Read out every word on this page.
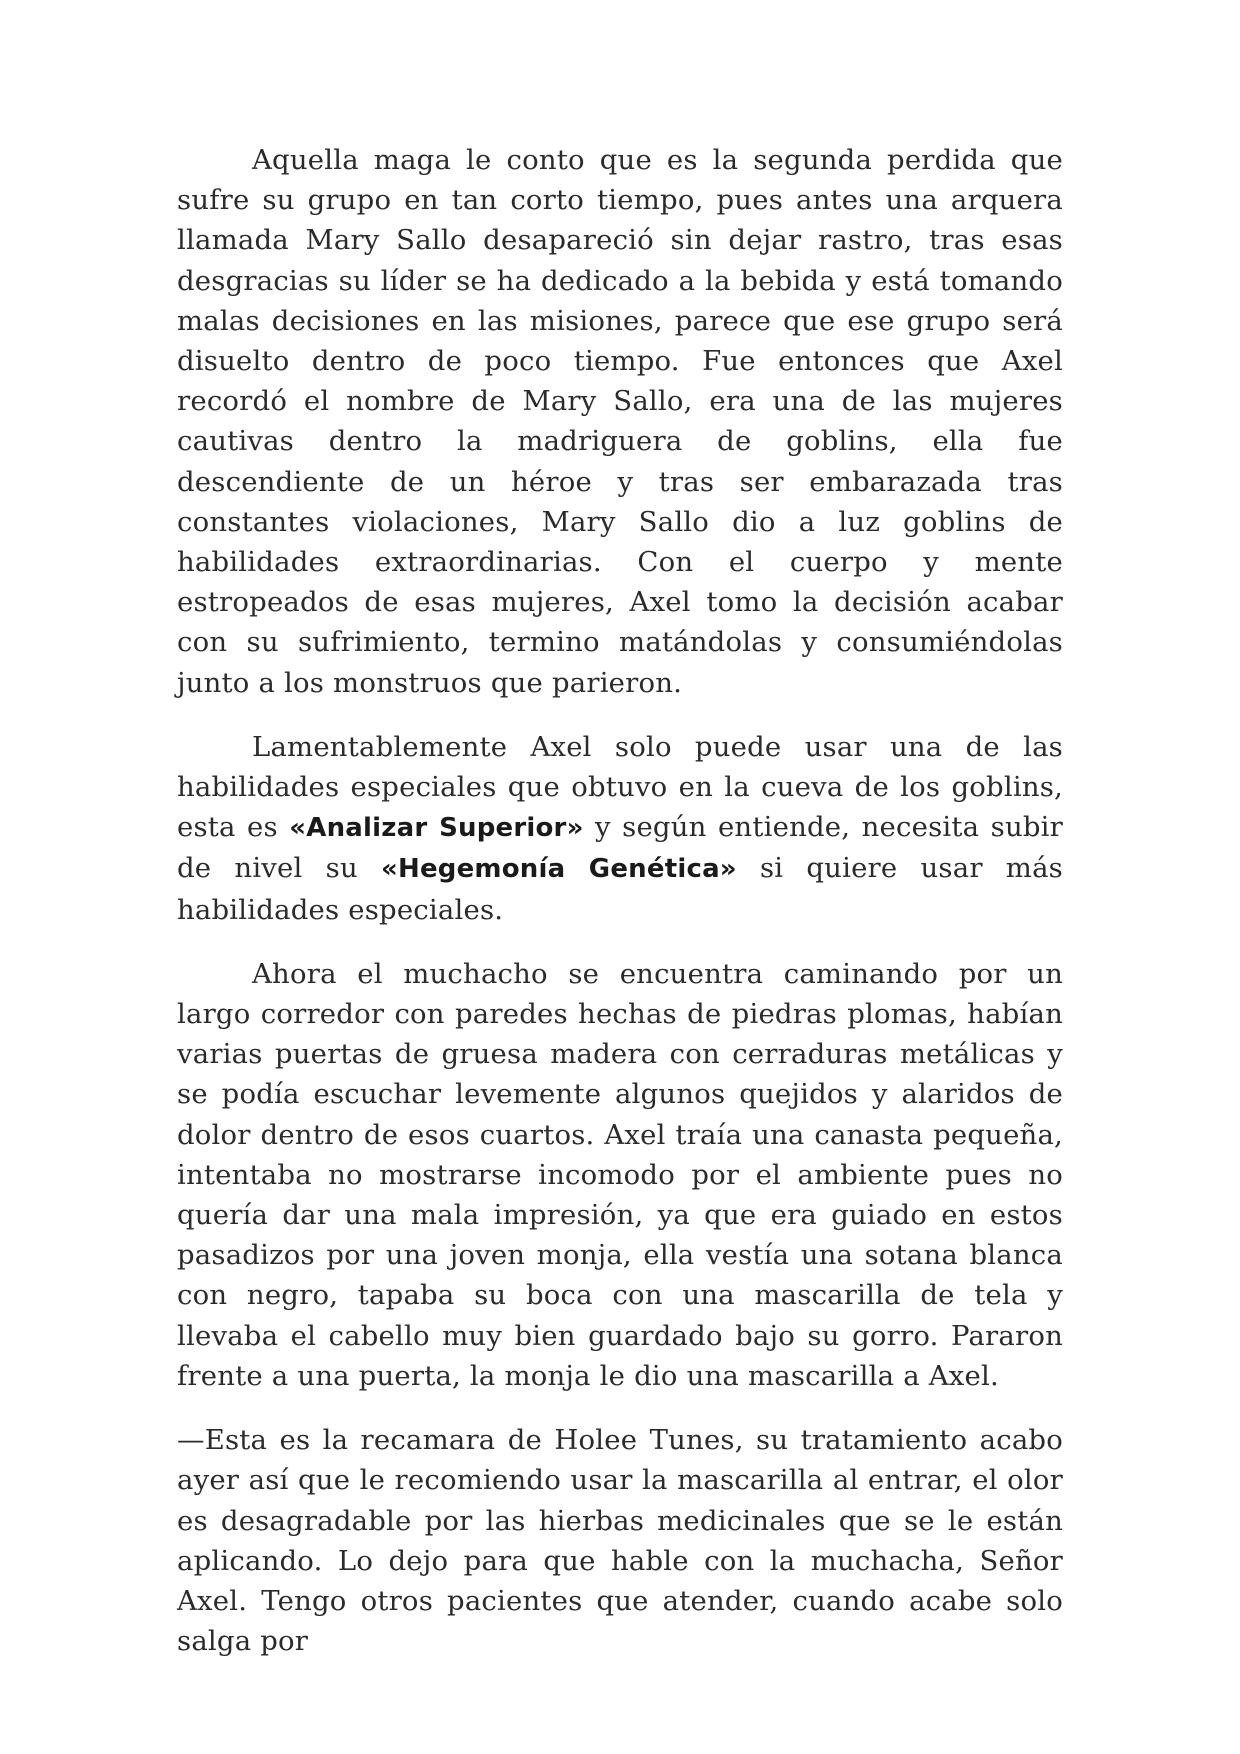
Aquella maga le conto que es la segunda perdida que sufre su grupo en tan corto tiempo, pues antes una arquera llamada Mary Sallo desapareció sin dejar rastro, tras esas desgracias su líder se ha dedicado a la bebida y está tomando malas decisiones en las misiones, parece que ese grupo será disuelto dentro de poco tiempo. Fue entonces que Axel recordó el nombre de Mary Sallo, era una de las mujeres cautivas dentro la madriguera de goblins, ella fue descendiente de un héroe y tras ser embarazada tras constantes violaciones, Mary Sallo dio a luz goblins de habilidades extraordinarias. Con el cuerpo y mente estropeados de esas mujeres, Axel tomo la decisión acabar con su sufrimiento, termino matándolas y consumiéndolas junto a los monstruos que parieron.

Lamentablemente Axel solo puede usar una de las habilidades especiales que obtuvo en la cueva de los goblins, esta es «Analizar Superior» y según entiende, necesita subir de nivel su «Hegemonía Genética» si quiere usar más habilidades especiales.

Ahora el muchacho se encuentra caminando por un largo corredor con paredes hechas de piedras plomas, habían varias puertas de gruesa madera con cerraduras metálicas y se podía escuchar levemente algunos quejidos y alaridos de dolor dentro de esos cuartos. Axel traía una canasta pequeña, intentaba no mostrarse incomodo por el ambiente pues no quería dar una mala impresión, ya que era guiado en estos pasadizos por una joven monja, ella vestía una sotana blanca con negro, tapaba su boca con una mascarilla de tela y llevaba el cabello muy bien guardado bajo su gorro. Pararon frente a una puerta, la monja le dio una mascarilla a Axel.

—Esta es la recamara de Holee Tunes, su tratamiento acabo ayer así que le recomiendo usar la mascarilla al entrar, el olor es desagradable por las hierbas medicinales que se le están aplicando. Lo dejo para que hable con la muchacha, Señor Axel. Tengo otros pacientes que atender, cuando acabe solo salga por
